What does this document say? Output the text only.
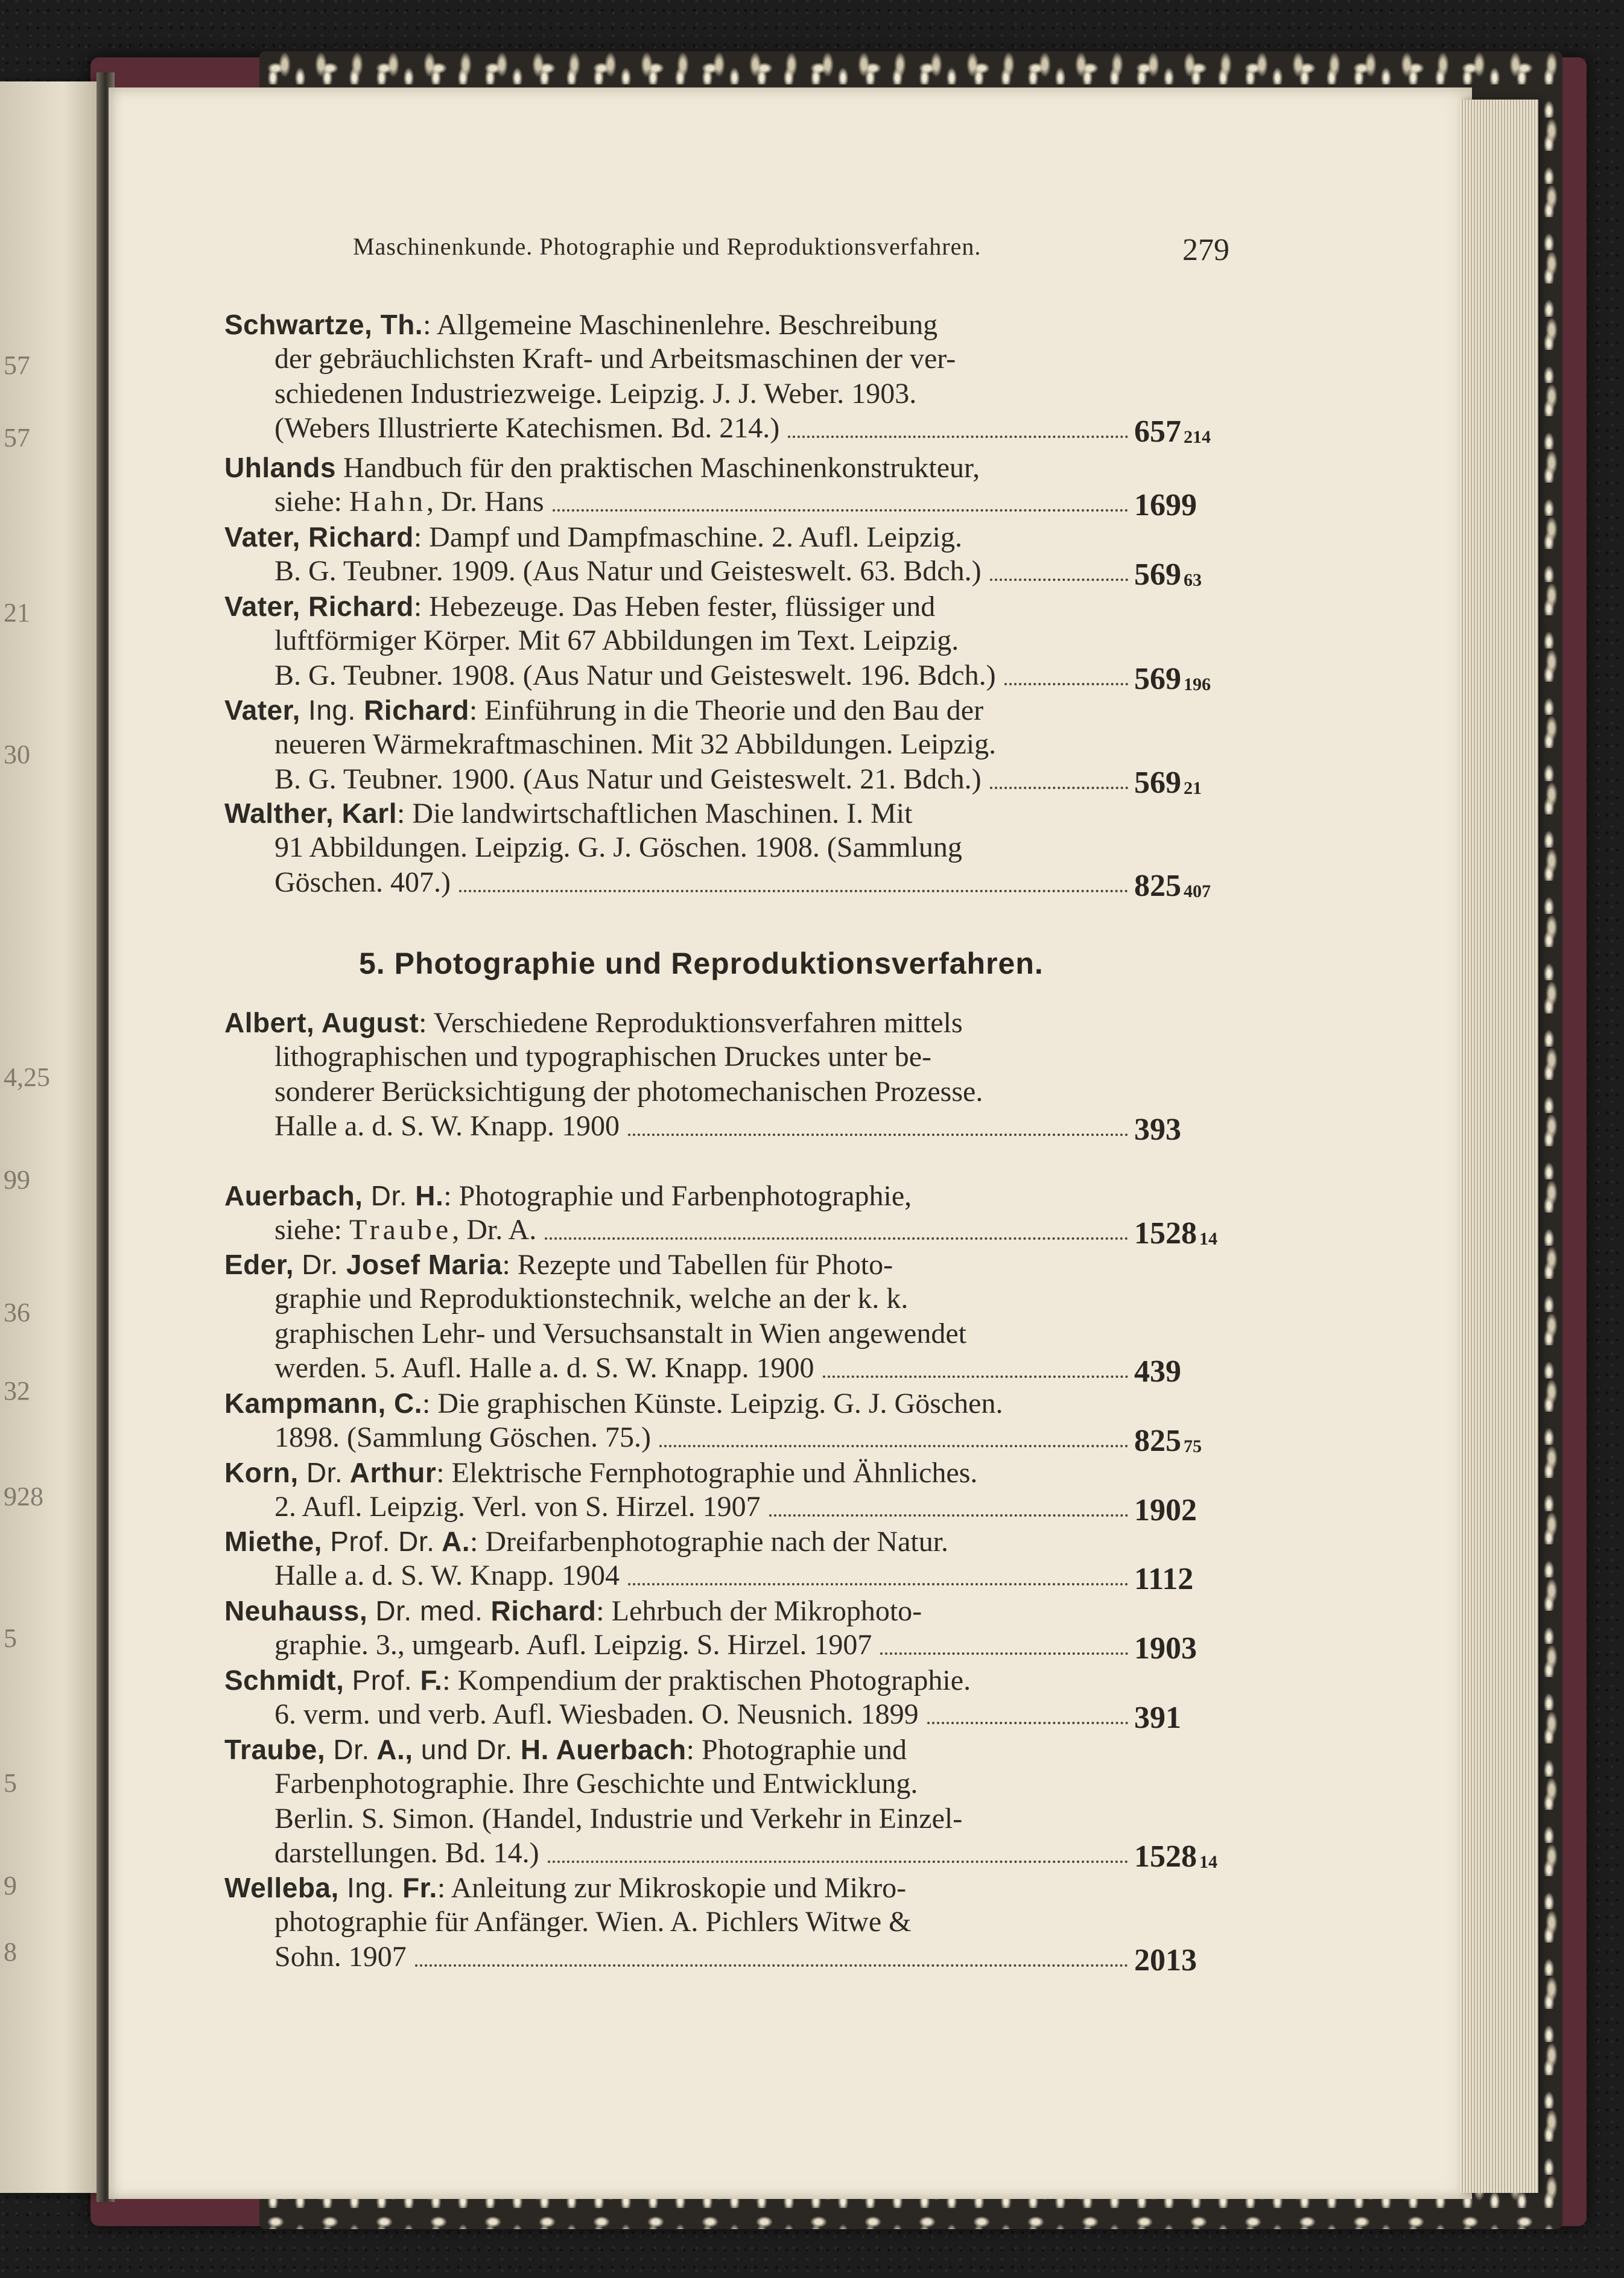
57
57
21
30
4,25
99
36
32
928
5
5
9
8
Maschinenkunde. Photographie und Reproduktionsverfahren.	279
5. Photographie und Reproduktionsverfahren.
Schwartze, Th.: Allgemeine Maschinenlehre. Beschreibung
der gebräuchlichsten Kraft- und Arbeitsmaschinen der ver-
schiedenen Industriezweige. Leipzig. J. J. Weber. 1903.
(Webers Illustrierte Katechismen. Bd. 214.)	657 $_{214}$
Uhlands Handbuch für den praktischen Maschinenkonstrukteur,
siehe: Hahn, Dr. Hans	1699
Vater, Richard: Dampf und Dampfmaschine. 2. Aufl. Leipzig.
B. G. Teubner. 1909. (Aus Natur und Geisteswelt. 63. Bdch.)	569 $_{63}$
Vater, Richard: Hebezeuge. Das Heben fester, flüssiger und
luftförmiger Körper. Mit 67 Abbildungen im Text. Leipzig.
B. G. Teubner. 1908. (Aus Natur und Geisteswelt. 196. Bdch.)	569 $_{196}$
Vater, Ing. Richard: Einführung in die Theorie und den Bau der
neueren Wärmekraftmaschinen. Mit 32 Abbildungen. Leipzig.
B. G. Teubner. 1900. (Aus Natur und Geisteswelt. 21. Bdch.)	569 $_{21}$
Walther, Karl: Die landwirtschaftlichen Maschinen. I. Mit
91 Abbildungen. Leipzig. G. J. Göschen. 1908. (Sammlung
Göschen. 407.)	825 $_{407}$
Albert, August: Verschiedene Reproduktionsverfahren mittels
lithographischen und typographischen Druckes unter be-
sonderer Berücksichtigung der photomechanischen Prozesse.
Halle a. d. S. W. Knapp. 1900	393
Auerbach, Dr. H.: Photographie und Farbenphotographie,
siehe: Traube, Dr. A.	1528 $_{14}$
Eder, Dr. Josef Maria: Rezepte und Tabellen für Photo-
graphie und Reproduktionstechnik, welche an der k. k.
graphischen Lehr- und Versuchsanstalt in Wien angewendet
werden. 5. Aufl. Halle a. d. S. W. Knapp. 1900	439
Kampmann, C.: Die graphischen Künste. Leipzig. G. J. Göschen.
1898. (Sammlung Göschen. 75.)	825 $_{75}$
Korn, Dr. Arthur: Elektrische Fernphotographie und Ähnliches.
2. Aufl. Leipzig. Verl. von S. Hirzel. 1907	1902
Miethe, Prof. Dr. A.: Dreifarbenphotographie nach der Natur.
Halle a. d. S. W. Knapp. 1904	1112
Neuhauss, Dr. med. Richard: Lehrbuch der Mikrophoto-
graphie. 3., umgearb. Aufl. Leipzig. S. Hirzel. 1907	1903
Schmidt, Prof. F.: Kompendium der praktischen Photographie.
6. verm. und verb. Aufl. Wiesbaden. O. Neusnich. 1899	391
Traube, Dr. A., und Dr. H. Auerbach: Photographie und
Farbenphotographie. Ihre Geschichte und Entwicklung.
Berlin. S. Simon. (Handel, Industrie und Verkehr in Einzel-
darstellungen. Bd. 14.)	1528 $_{14}$
Welleba, Ing. Fr.: Anleitung zur Mikroskopie und Mikro-
photographie für Anfänger. Wien. A. Pichlers Witwe &
Sohn. 1907	2013
